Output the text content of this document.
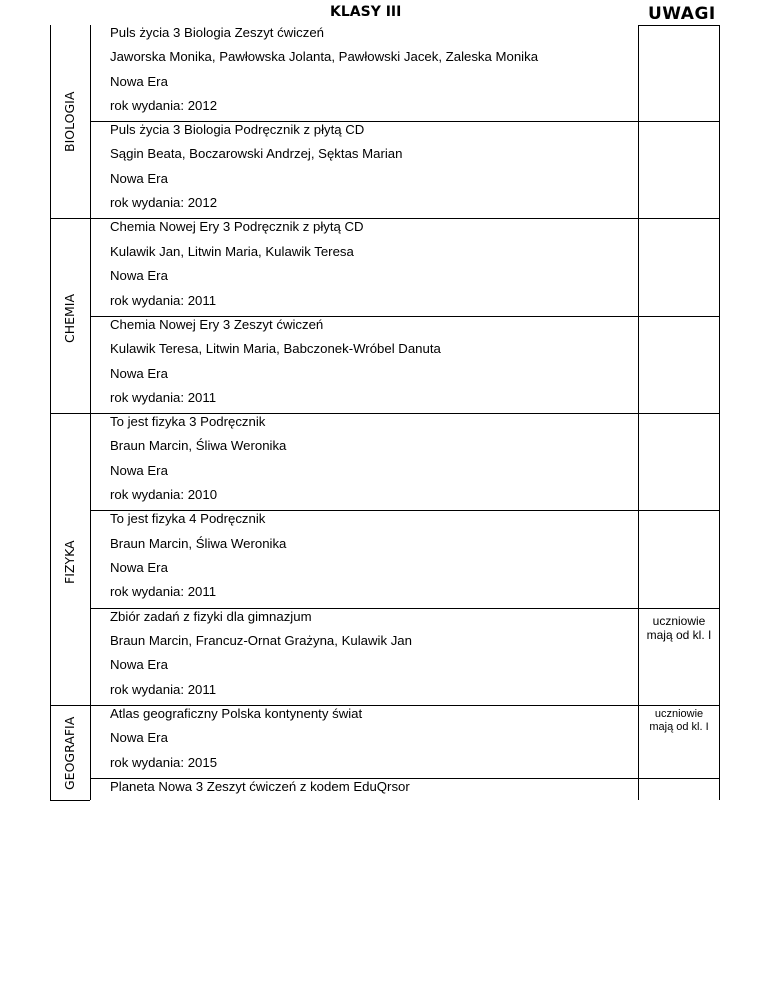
KLASY III	UWAGI
BIOLOGIA
CHEMIA
FIZYKA
GEOGRAFIA
Puls życia 3 Biologia Zeszyt ćwiczeń
Jaworska Monika, Pawłowska Jolanta, Pawłowski Jacek, Zaleska Monika
Nowa Era
rok wydania: 2012
Puls życia 3 Biologia Podręcznik z płytą CD
Sągin Beata, Boczarowski Andrzej, Sęktas Marian
Nowa Era
rok wydania: 2012
Chemia Nowej Ery 3 Podręcznik z płytą CD
Kulawik Jan, Litwin Maria, Kulawik Teresa
Nowa Era
rok wydania: 2011
Chemia Nowej Ery 3 Zeszyt ćwiczeń
Kulawik Teresa, Litwin Maria, Babczonek-Wróbel Danuta
Nowa Era
rok wydania: 2011
To jest fizyka 3 Podręcznik
Braun Marcin, Śliwa Weronika
Nowa Era
rok wydania: 2010
To jest fizyka 4 Podręcznik
Braun Marcin, Śliwa Weronika
Nowa Era
rok wydania: 2011
Zbiór zadań z fizyki dla gimnazjum
Braun Marcin, Francuz-Ornat Grażyna, Kulawik Jan
Nowa Era
rok wydania: 2011
Atlas geograficzny Polska kontynenty świat
Nowa Era
rok wydania: 2015
Planeta Nowa 3 Zeszyt ćwiczeń z kodem EduQrsor
uczniowie
mają od kl. I
uczniowie
mają od kl. I
